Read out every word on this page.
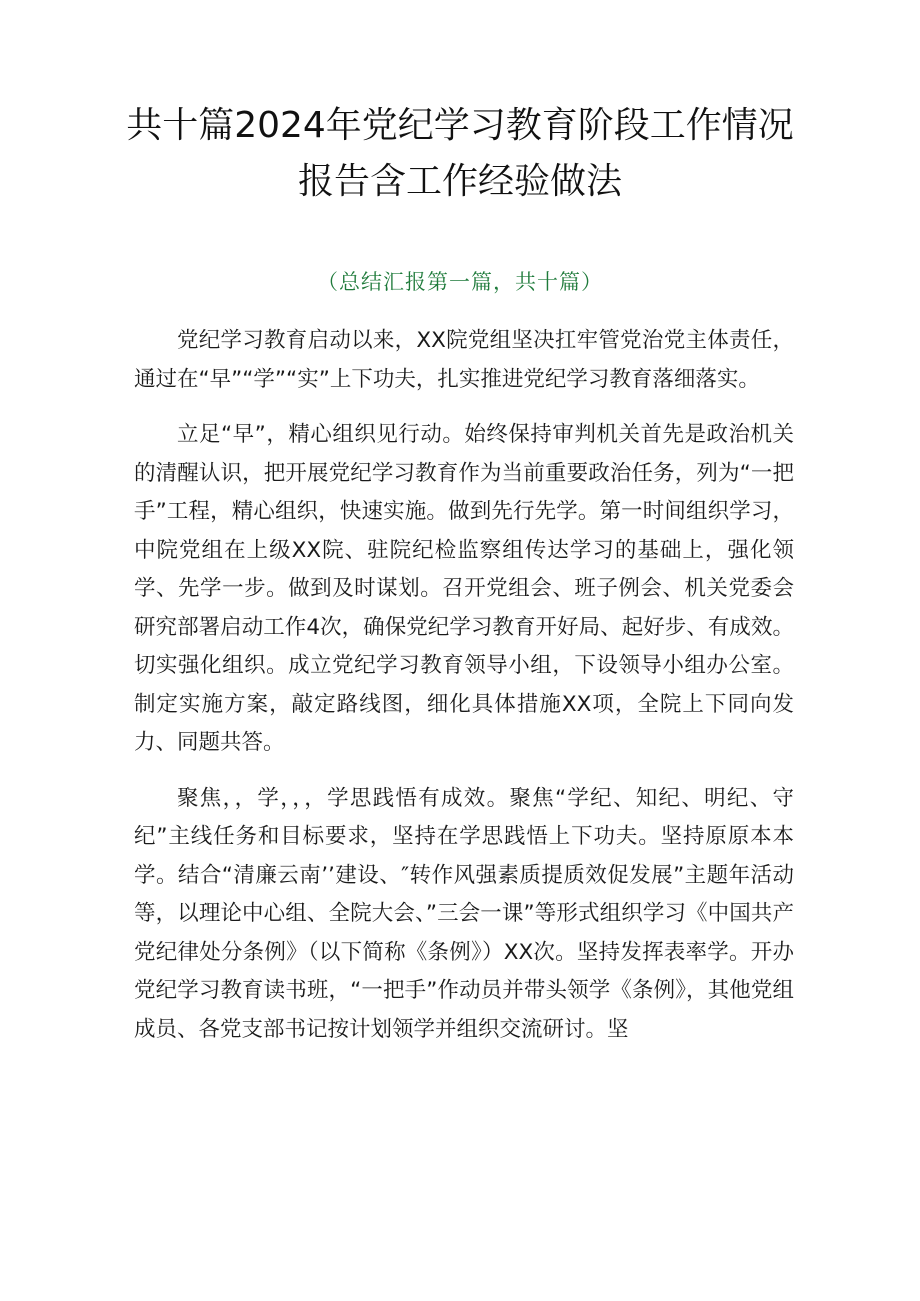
共十篇2024年党纪学习教育阶段工作情况
报告含工作经验做法
（总结汇报第一篇，共十篇）

党纪学习教育启动以来，XX院党组坚决扛牢管党治党主体责任，通过在“早”“学”“实”上下功夫，扎实推进党纪学习教育落细落实。

立足“早”，精心组织见行动。始终保持审判机关首先是政治机关的清醒认识，把开展党纪学习教育作为当前重要政治任务，列为“一把手”工程，精心组织，快速实施。做到先行先学。第一时间组织学习，中院党组在上级XX院、驻院纪检监察组传达学习的基础上，强化领学、先学一步。做到及时谋划。召开党组会、班子例会、机关党委会研究部署启动工作4次，确保党纪学习教育开好局、起好步、有成效。切实强化组织。成立党纪学习教育领导小组，下设领导小组办公室。制定实施方案，敲定路线图，细化具体措施XX项，全院上下同向发力、同题共答。

聚焦，，学，，，学思践悟有成效。聚焦“学纪、知纪、明纪、守纪”主线任务和目标要求，坚持在学思践悟上下功夫。坚持原原本本学。结合“清廉云南’’建设、″转作风强素质提质效促发展”主题年活动等，以理论中心组、全院大会、”三会一课”等形式组织学习《中国共产党纪律处分条例》（以下简称《条例》）XX次。坚持发挥表率学。开办党纪学习教育读书班，“一把手”作动员并带头领学《条例》，其他党组成员、各党支部书记按计划领学并组织交流研讨。坚
